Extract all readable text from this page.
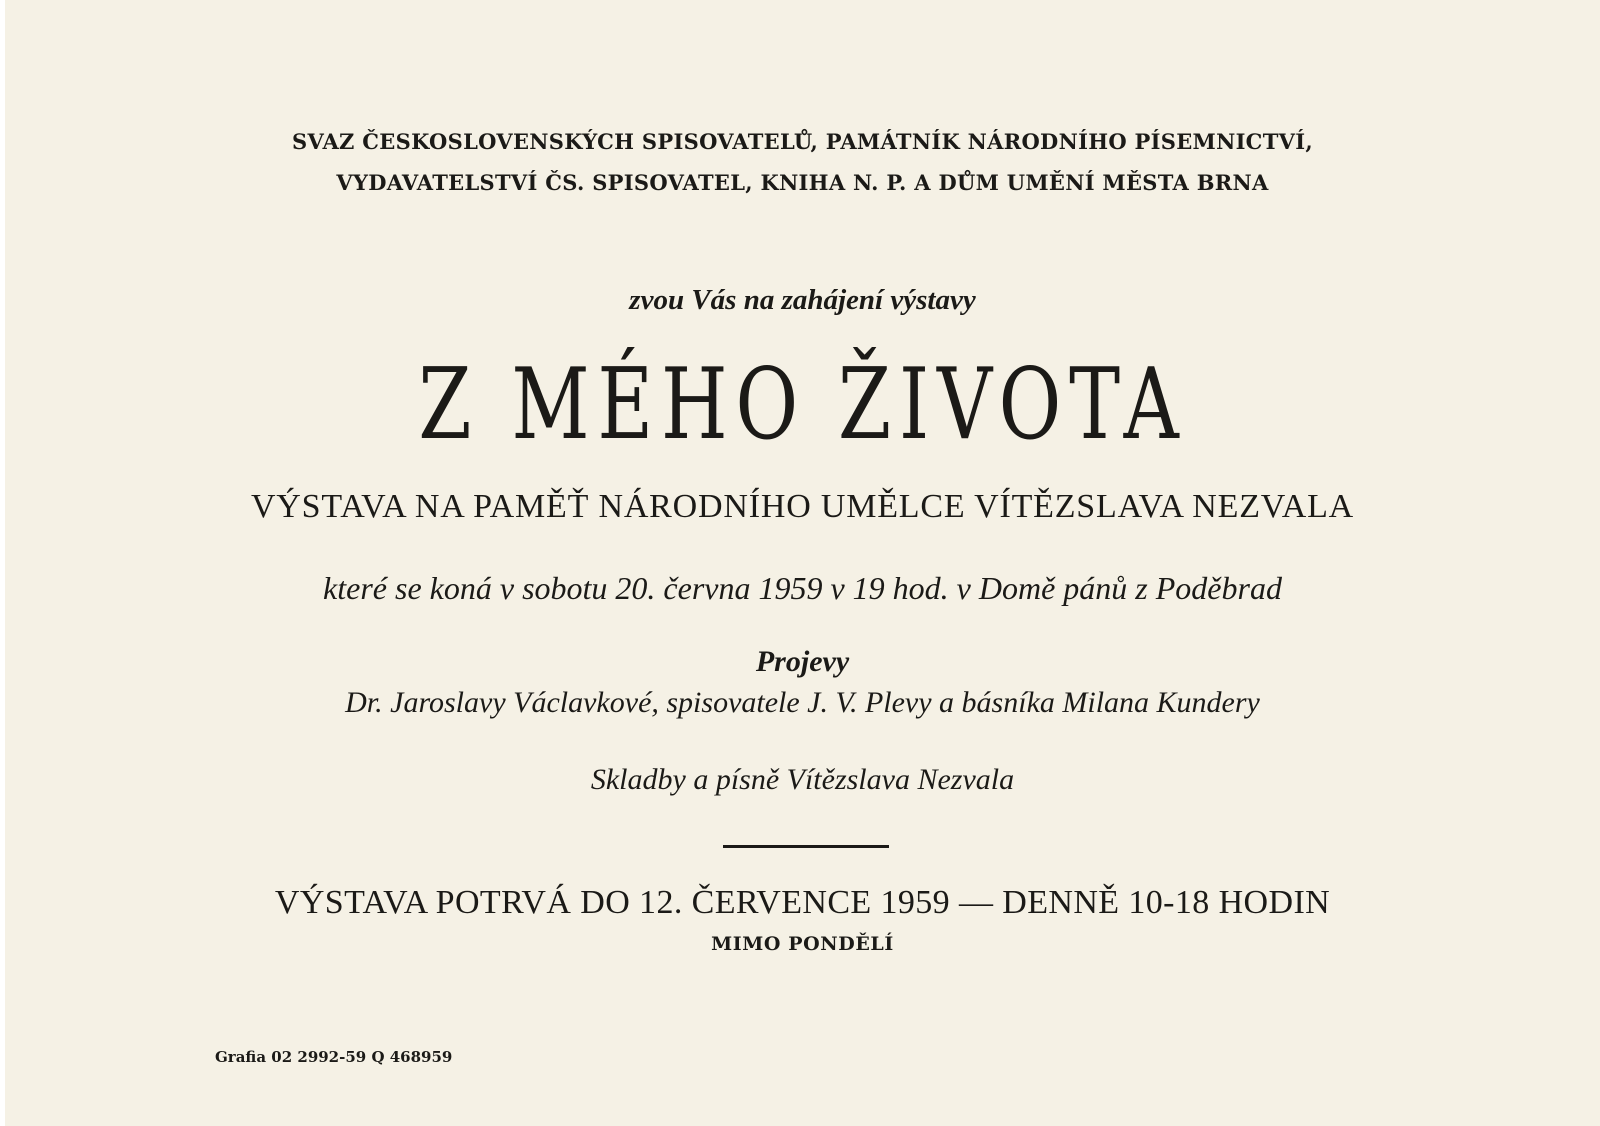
SVAZ ČESKOSLOVENSKÝCH SPISOVATELŮ, PAMÁTNÍK NÁRODNÍHO PÍSEMNICTVÍ,
VYDAVATELSTVÍ ČS. SPISOVATEL, KNIHA N. P. A DŮM UMĚNÍ MĚSTA BRNA
zvou Vás na zahájení výstavy
Z MÉHO ŽIVOTA
VÝSTAVA NA PAMĚŤ NÁRODNÍHO UMĚLCE VÍTĚZSLAVA NEZVALA
které se koná v sobotu 20. června 1959 v 19 hod. v Domě pánů z Poděbrad
Projevy
Dr. Jaroslavy Václavkové, spisovatele J. V. Plevy a básníka Milana Kundery
Skladby a písně Vítězslava Nezvala
VÝSTAVA POTRVÁ DO 12. ČERVENCE 1959 — DENNĚ 10-18 HODIN
MIMO PONDĚLÍ
Grafia 02 2992-59 Q 468959
